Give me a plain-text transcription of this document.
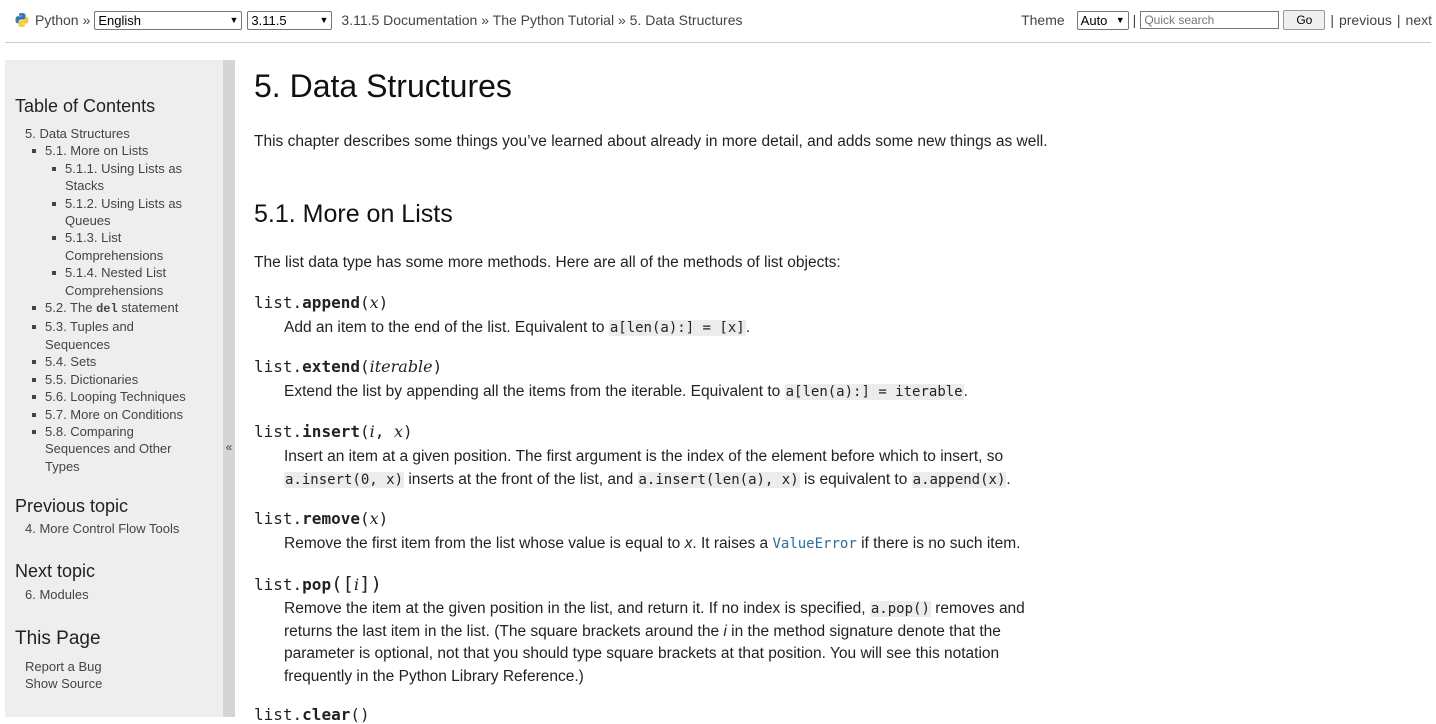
Python » English	▼ 3.11.5	▼ 3.11.5 Documentation » The Python Tutorial » 5. Data Structures	Theme Auto ▼ | Quick search	Go	| previous | next
Table of Contents
5. Data Structures
5.1. More on Lists
5.1.1. Using Lists as
Stacks
5.1.2. Using Lists as
Queues
5.1.3. List
Comprehensions
5.1.4. Nested List
Comprehensions
5.2. The del statement
5.3. Tuples and
Sequences
5.4. Sets
5.5. Dictionaries
5.6. Looping Techniques
5.7. More on Conditions
5.8. Comparing
Sequences and Other
Types
Previous topic
4. More Control Flow Tools
Next topic
6. Modules
This Page
Report a Bug
Show Source
«
5. Data Structures
This chapter describes some things you’ve learned about already in more detail, and adds some new things as well.
5.1. More on Lists
The list data type has some more methods. Here are all of the methods of list objects:
list.append(x)
Add an item to the end of the list. Equivalent to a[len(a):] = [x].
list.extend(iterable)
Extend the list by appending all the items from the iterable. Equivalent to a[len(a):] = iterable.
list.insert(i, x)
Insert an item at a given position. The first argument is the index of the element before which to insert, so
a.insert(0, x) inserts at the front of the list, and a.insert(len(a), x) is equivalent to a.append(x).
list.remove(x)
Remove the first item from the list whose value is equal to x. It raises a ValueError if there is no such item.
list.pop([i])
Remove the item at the given position in the list, and return it. If no index is specified, a.pop() removes and
returns the last item in the list. (The square brackets around the i in the method signature denote that the
parameter is optional, not that you should type square brackets at that position. You will see this notation
frequently in the Python Library Reference.)
list.clear()
